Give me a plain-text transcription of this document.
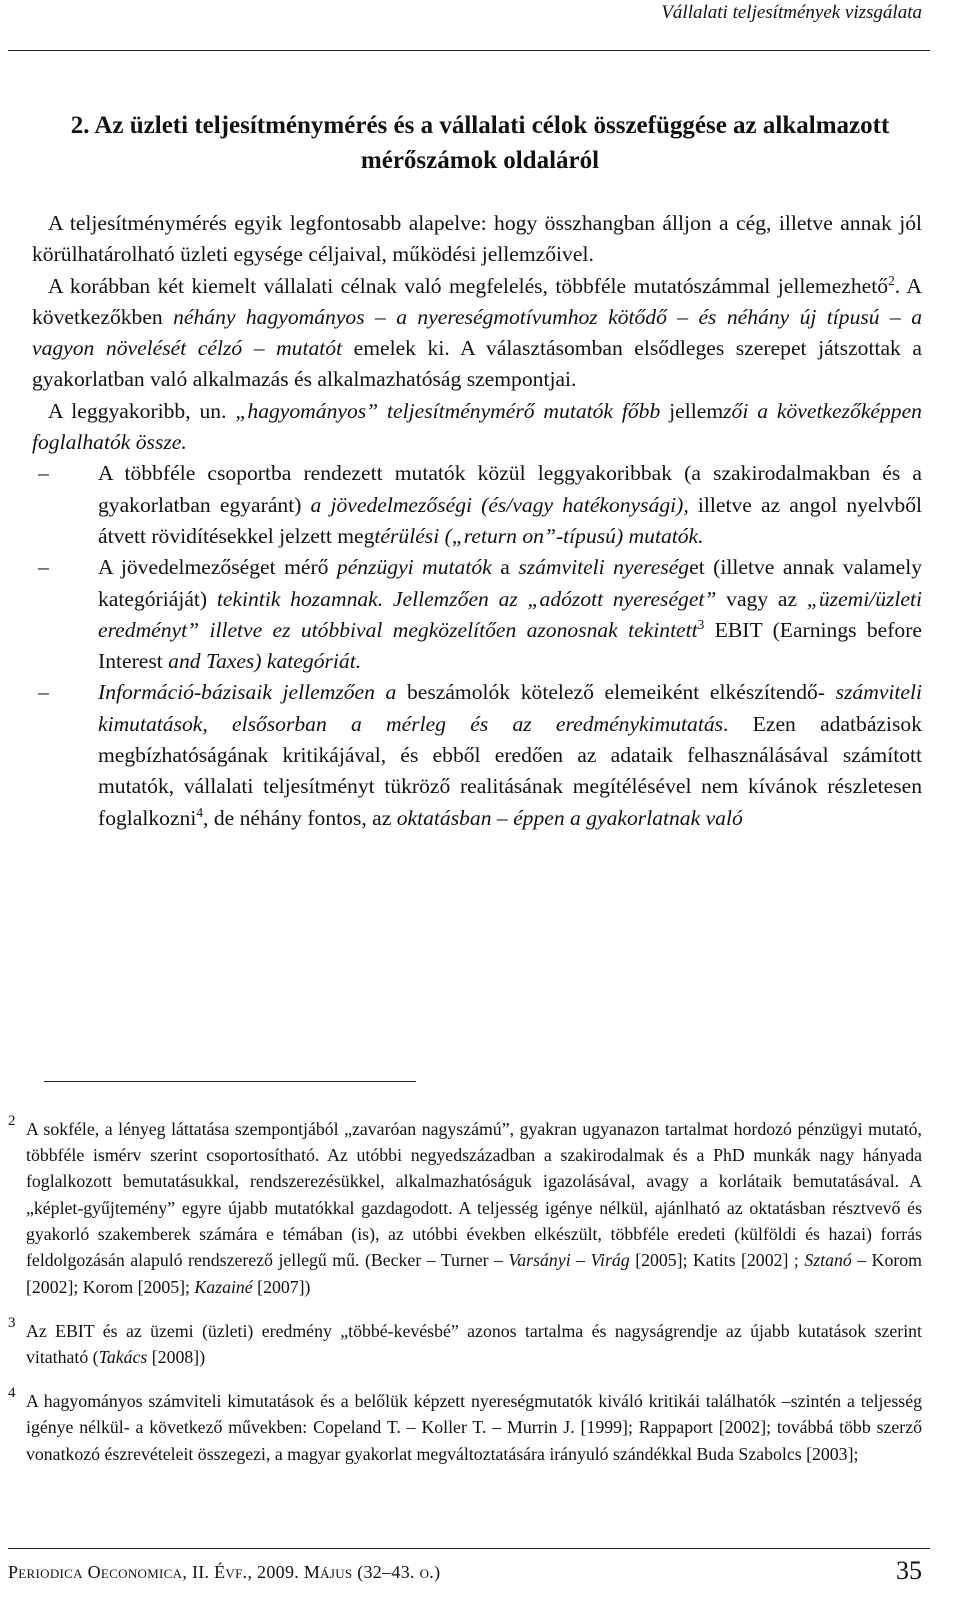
Vállalati teljesítmények vizsgálata
2. Az üzleti teljesítménymérés és a vállalati célok összefüggése az alkalmazott mérőszámok oldaláról

A teljesítménymérés egyik legfontosabb alapelve: hogy összhangban álljon a cég, illetve annak jól körülhatárolható üzleti egysége céljaival, működési jellemzőivel.

A korábban két kiemelt vállalati célnak való megfelelés, többféle mutatószámmal jellemezhető$^2$. A következőkben néhány hagyományos – a nyereségmotívumhoz kötődő – és néhány új típusú – a vagyon növelését célzó – mutatót emelek ki. A választásomban elsődleges szerepet játszottak a gyakorlatban való alkalmazás és alkalmazhatóság szempontjai.

A leggyakoribb, un. „hagyományos” teljesítménymérő mutatók főbb jellemzői a következőképpen foglalhatók össze.

– A többféle csoportba rendezett mutatók közül leggyakoribbak (a szakirodalmakban és a gyakorlatban egyaránt) a jövedelmezőségi (és/vagy hatékonysági), illetve az angol nyelvből átvett rövidítésekkel jelzett megtérülési („return on”-típusú) mutatók.

– A jövedelmezőséget mérő pénzügyi mutatók a számviteli nyereséget (illetve annak valamely kategóriáját) tekintik hozamnak. Jellemzően az „adózott nyereséget” vagy az „üzemi/üzleti eredményt” illetve ez utóbbival megközelítően azonosnak tekintett$^3$ EBIT (Earnings before Interest and Taxes) kategóriát.

– Információ-bázisaik jellemzően a beszámolók kötelező elemeiként elkészítendő- számviteli kimutatások, elsősorban a mérleg és az eredménykimutatás. Ezen adatbázisok megbízhatóságának kritikájával, és ebből eredően az adataik felhasználásával számított mutatók, vállalati teljesítményt tükröző realitásának megítélésével nem kívánok részletesen foglalkozni$^4$, de néhány fontos, az oktatásban – éppen a gyakorlatnak való

2 A sokféle, a lényeg láttatása szempontjából „zavaróan nagyszámú”, gyakran ugyanazon tartalmat hordozó pénzügyi mutató, többféle ismérv szerint csoportosítható. Az utóbbi negyedszázadban a szakirodalmak és a PhD munkák nagy hányada foglalkozott bemutatásukkal, rendszerezésükkel, alkalmazhatóságuk igazolásával, avagy a korlátaik bemutatásával. A „képlet-gyűjtemény” egyre újabb mutatókkal gazdagodott. A teljesség igénye nélkül, ajánlható az oktatásban résztvevő és gyakorló szakemberek számára e témában (is), az utóbbi években elkészült, többféle eredeti (külföldi és hazai) forrás feldolgozásán alapuló rendszerező jellegű mű. (Becker – Turner – Varsányi – Virág [2005]; Katits [2002] ; Sztanó – Korom [2002]; Korom [2005]; Kazainé [2007])

3 Az EBIT és az üzemi (üzleti) eredmény „többé-kevésbé” azonos tartalma és nagyságrendje az újabb kutatások szerint vitatható (Takács [2008])

4 A hagyományos számviteli kimutatások és a belőlük képzett nyereségmutatók kiváló kritikái találhatók –szintén a teljesség igénye nélkül- a következő művekben: Copeland T. – Koller T. – Murrin J. [1999]; Rappaport [2002]; továbbá több szerző vonatkozó észrevételeit összegezi, a magyar gyakorlat megváltoztatására irányuló szándékkal Buda Szabolcs [2003];

Periodica Oeconomica, II. Évf., 2009. Május (32–43. o.)	35
